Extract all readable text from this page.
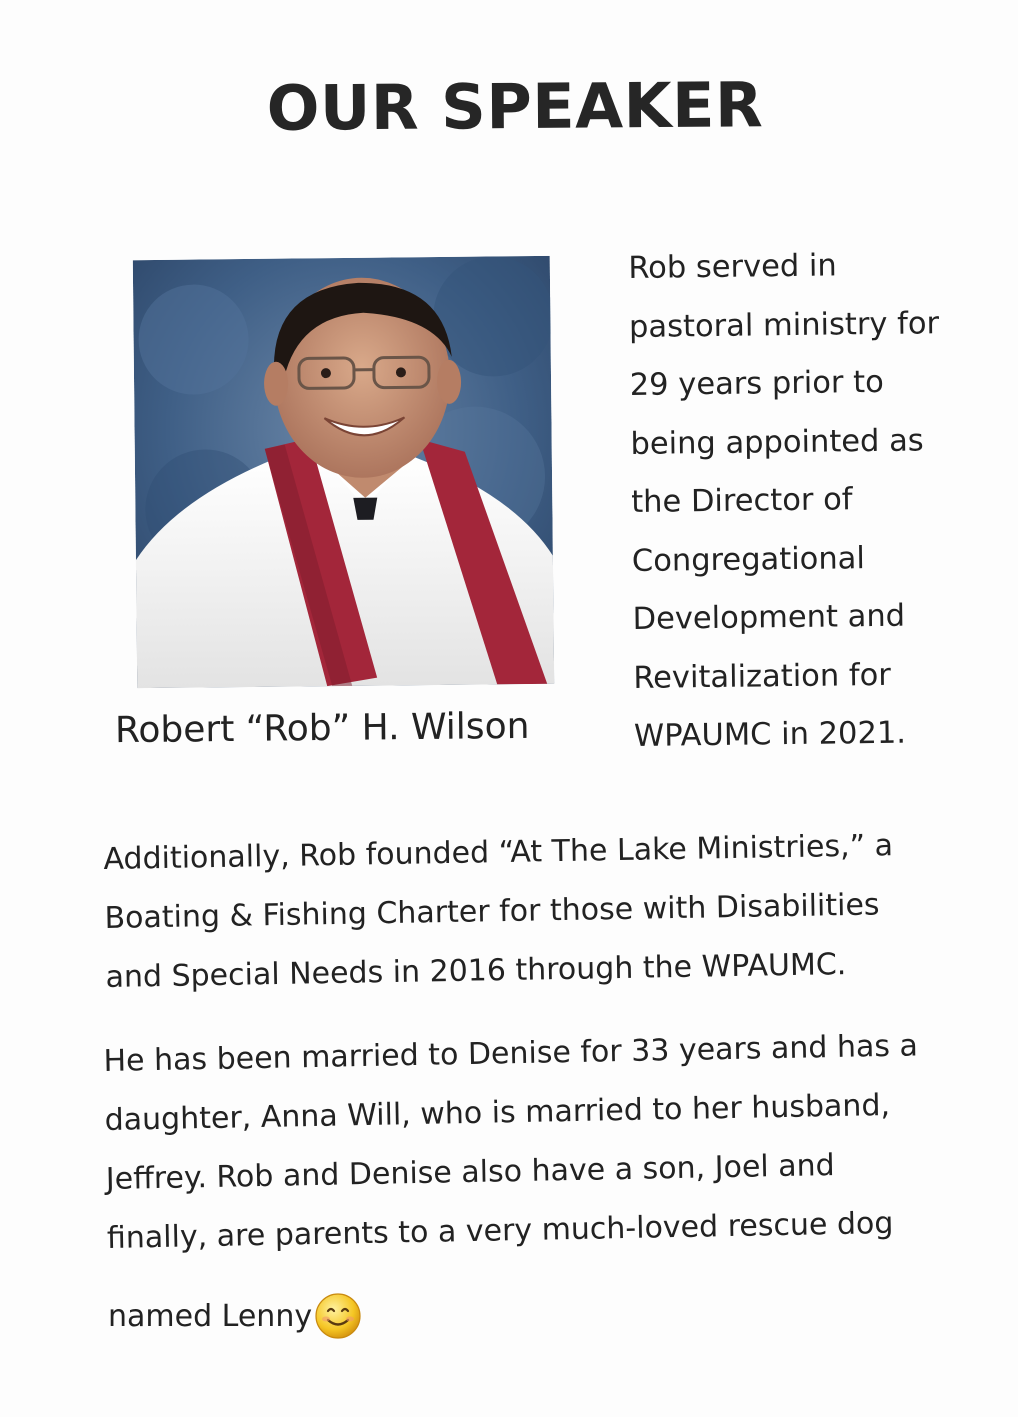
OUR SPEAKER
Robert “Rob” H. Wilson
Rob served in
pastoral ministry for
29 years prior to
being appointed as
the Director of
Congregational
Development and
Revitalization for
WPAUMC in 2021.
Additionally, Rob founded “At The Lake Ministries,” a
Boating & Fishing Charter for those with Disabilities
and Special Needs in 2016 through the WPAUMC.
He has been married to Denise for 33 years and has a
daughter, Anna Will, who is married to her husband,
Jeffrey. Rob and Denise also have a son, Joel and
finally, are parents to a very much-loved rescue dog
named Lenny
